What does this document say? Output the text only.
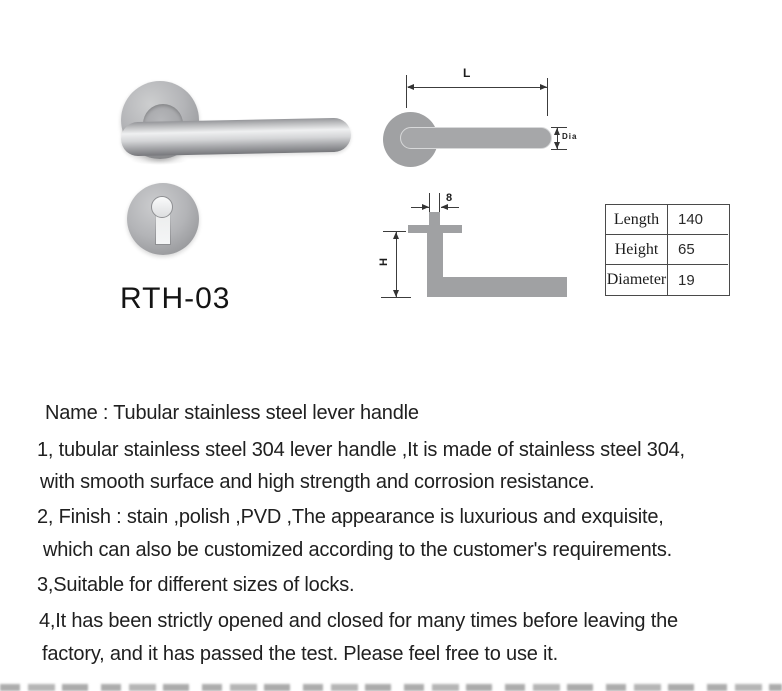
RTH-03
L
Dia
8
H
Length	140
Height	65
Diameter 19
Name : Tubular stainless steel lever handle
1, tubular stainless steel 304 lever handle ,It is made of stainless steel 304,
with smooth surface and high strength and corrosion resistance.
2, Finish : stain ,polish ,PVD ,The appearance is luxurious and exquisite,
which can also be customized according to the customer's requirements.
3,Suitable for different sizes of locks.
4,It has been strictly opened and closed for many times before leaving the
factory, and it has passed the test. Please feel free to use it.
